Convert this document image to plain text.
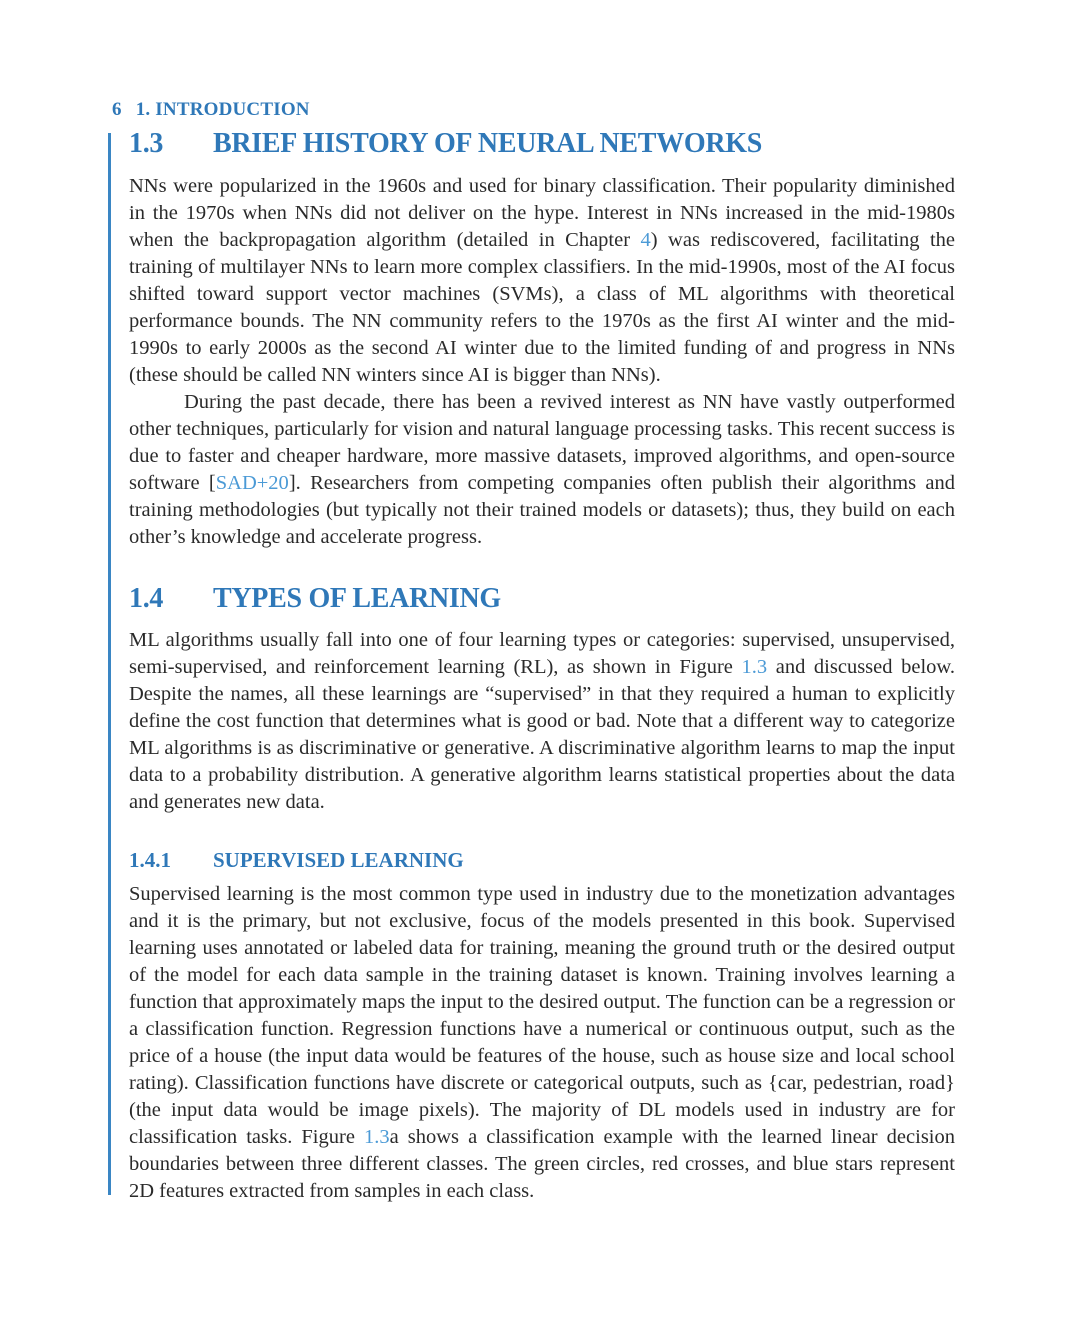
6 1. INTRODUCTION
1.3	BRIEF HISTORY OF NEURAL NETWORKS

NNs were popularized in the 1960s and used for binary classification. Their popularity diminished in the 1970s when NNs did not deliver on the hype. Interest in NNs increased in the mid-1980s when the backpropagation algorithm (detailed in Chapter 4) was rediscovered, facilitating the training of multilayer NNs to learn more complex classifiers. In the mid-1990s, most of the AI focus shifted toward support vector machines (SVMs), a class of ML algorithms with theoretical performance bounds. The NN community refers to the 1970s as the first AI winter and the mid-1990s to early 2000s as the second AI winter due to the limited funding of and progress in NNs (these should be called NN winters since AI is bigger than NNs).

During the past decade, there has been a revived interest as NN have vastly outperformed other techniques, particularly for vision and natural language processing tasks. This recent success is due to faster and cheaper hardware, more massive datasets, improved algorithms, and open-source software [SAD+20]. Researchers from competing companies often publish their algorithms and training methodologies (but typically not their trained models or datasets); thus, they build on each other’s knowledge and accelerate progress.

1.4	TYPES OF LEARNING

ML algorithms usually fall into one of four learning types or categories: supervised, unsupervised, semi-supervised, and reinforcement learning (RL), as shown in Figure 1.3 and discussed below. Despite the names, all these learnings are “supervised” in that they required a human to explicitly define the cost function that determines what is good or bad. Note that a different way to categorize ML algorithms is as discriminative or generative. A discriminative algorithm learns to map the input data to a probability distribution. A generative algorithm learns statistical properties about the data and generates new data.

1.4.1	SUPERVISED LEARNING

Supervised learning is the most common type used in industry due to the monetization advantages and it is the primary, but not exclusive, focus of the models presented in this book. Supervised learning uses annotated or labeled data for training, meaning the ground truth or the desired output of the model for each data sample in the training dataset is known. Training involves learning a function that approximately maps the input to the desired output. The function can be a regression or a classification function. Regression functions have a numerical or continuous output, such as the price of a house (the input data would be features of the house, such as house size and local school rating). Classification functions have discrete or categorical outputs, such as {car, pedestrian, road} (the input data would be image pixels). The majority of DL models used in industry are for classification tasks. Figure 1.3a shows a classification example with the learned linear decision boundaries between three different classes. The green circles, red crosses, and blue stars represent 2D features extracted from samples in each class.
